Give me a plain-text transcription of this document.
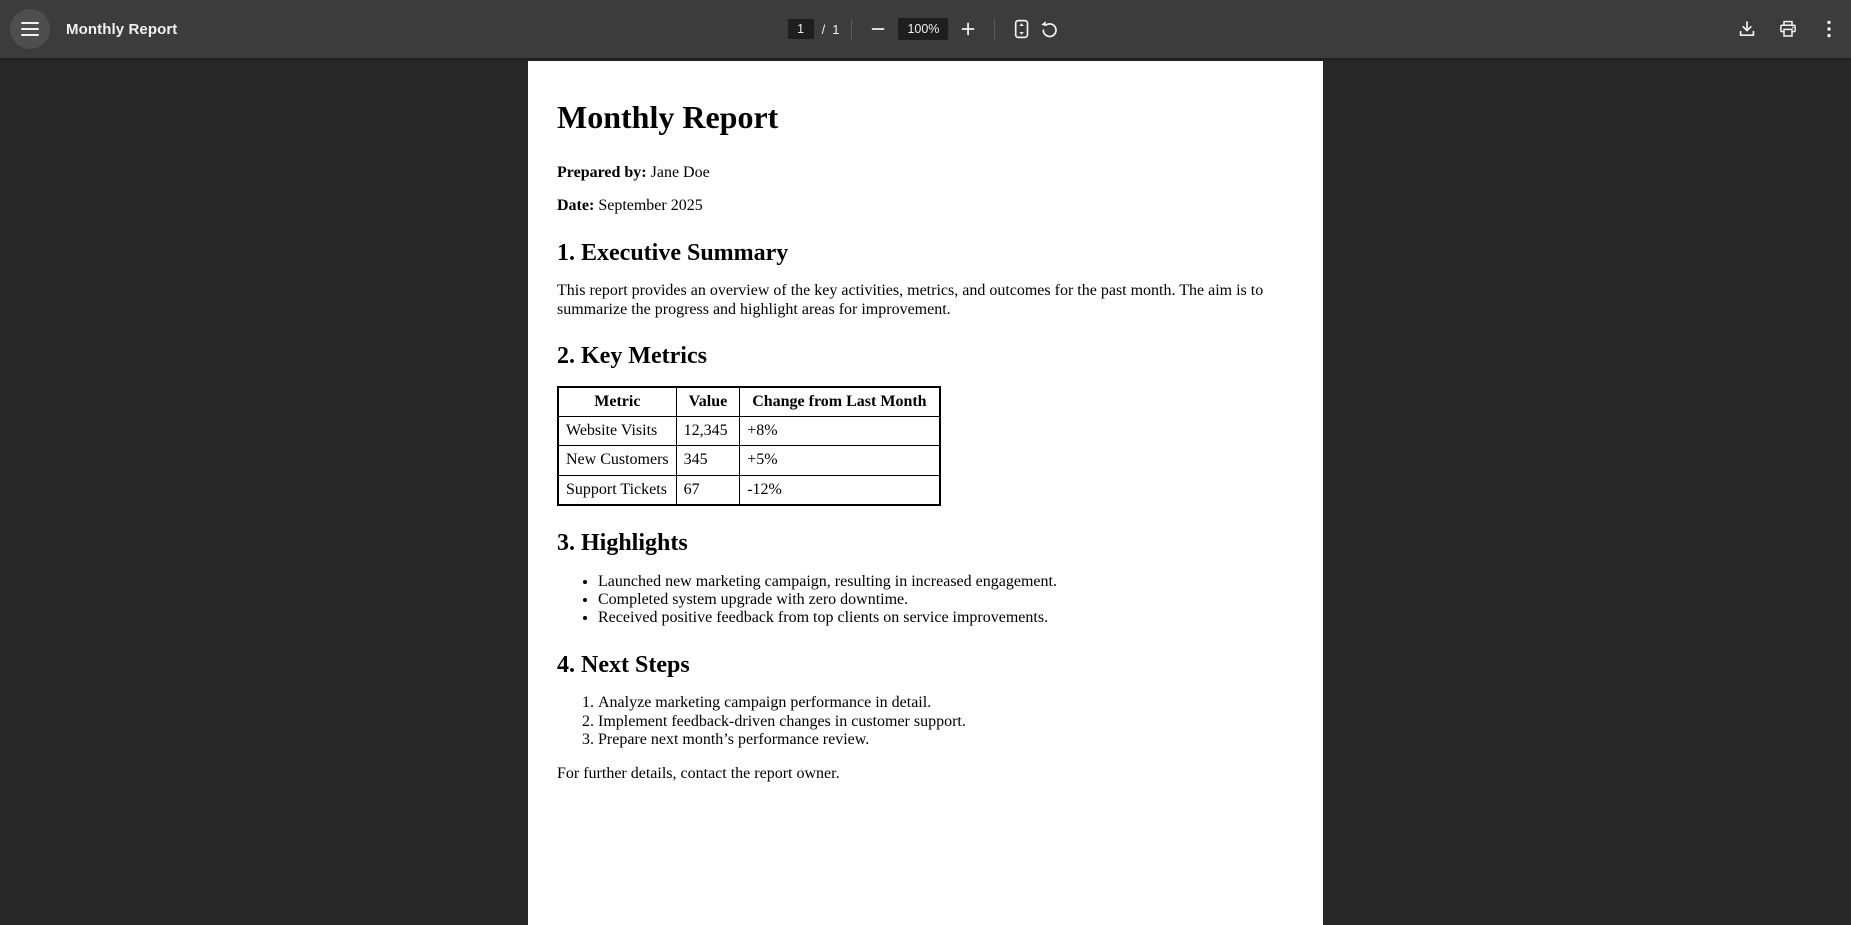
Monthly Report
1	/ 1	100%
Monthly Report

Prepared by: Jane Doe

Date: September 2025

1. Executive Summary

This report provides an overview of the key activities, metrics, and outcomes for the past month. The aim is to summarize the progress and highlight areas for improvement.

2. Key Metrics
Metric	Value	Change from Last Month
Website Visits	12,345	+8%
New Customers	345	+5%
Support Tickets	67	-12%
3. Highlights
• Launched new marketing campaign, resulting in increased engagement.
• Completed system upgrade with zero downtime.
• Received positive feedback from top clients on service improvements.
4. Next Steps
1. Analyze marketing campaign performance in detail.
2. Implement feedback-driven changes in customer support.
3. Prepare next month’s performance review.

For further details, contact the report owner.
